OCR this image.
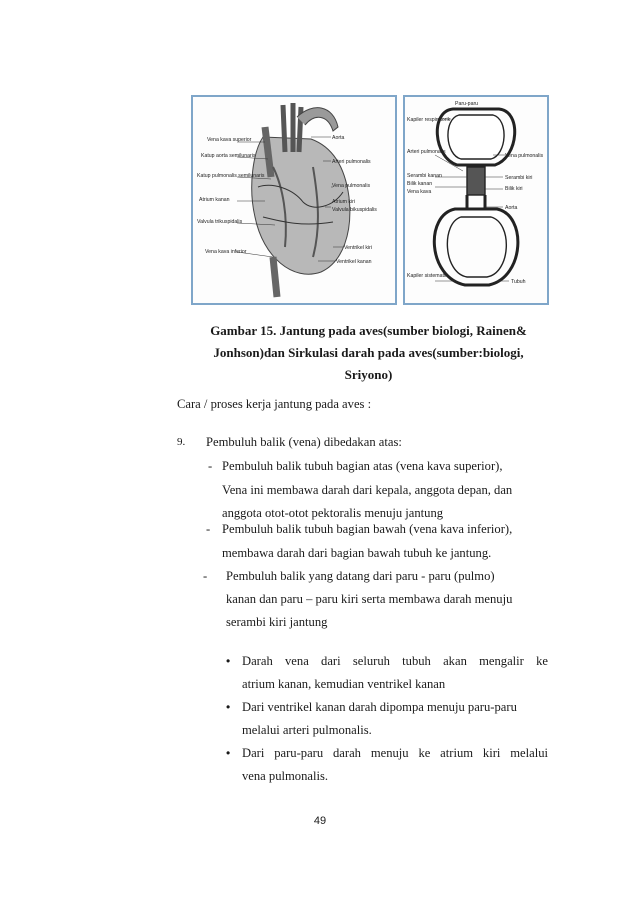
Vena kava superior
Katup aorta semilunaris
Katup pulmonalis semilunaris
Atrium kanan
Valvula trikuspidalis
Vena kava inferior
Aorta
Arteri pulmonalis
Vena pulmonalis
Atrium kiri
Valvula bikuspidalis
Ventrikel kiri
Ventrikel kanan
Paru-paru
Kapiler respiratorik
Arteri pulmonalis
Serambi kanan
Bilik kanan
Vena kava
Vena pulmonalis
Serambi kiri
Bilik kiri
Aorta
Kapiler sistematik
Tubuh
Gambar 15. Jantung pada aves(sumber biologi, Rainen&
Jonhson)dan Sirkulasi darah pada aves(sumber:biologi,
Sriyono)
Cara / proses kerja jantung pada aves :
9. Pembuluh balik (vena) dibedakan atas:
- Pembuluh balik tubuh bagian atas (vena kava superior),
Vena ini membawa darah dari kepala, anggota depan, dan
anggota otot-otot pektoralis menuju jantung
- Pembuluh balik tubuh bagian bawah (vena kava inferior),
membawa darah dari bagian bawah tubuh ke jantung.
- Pembuluh balik yang datang dari paru - paru (pulmo)
kanan dan paru – paru kiri serta membawa darah menuju
serambi kiri jantung
• Darah vena dari seluruh tubuh akan mengalir ke
atrium kanan, kemudian ventrikel kanan
• Dari ventrikel kanan darah dipompa menuju paru-paru
melalui arteri pulmonalis.
• Dari paru-paru darah menuju ke atrium kiri melalui
vena pulmonalis.
49
